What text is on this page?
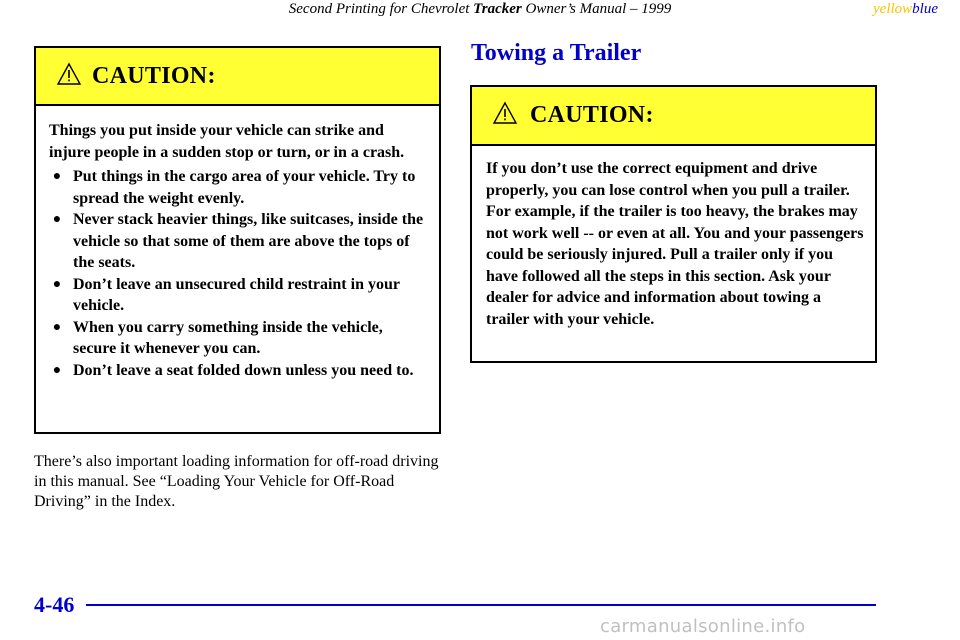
Second Printing for Chevrolet Tracker Owner’s Manual – 1999	yellowblue
CAUTION:

Things you put inside your vehicle can strike and injure people in a sudden stop or turn, or in a crash.

● Put things in the cargo area of your vehicle. Try to spread the weight evenly.
● Never stack heavier things, like suitcases, inside the vehicle so that some of them are above the tops of the seats.
● Don’t leave an unsecured child restraint in your vehicle.
● When you carry something inside the vehicle, secure it whenever you can.
● Don’t leave a seat folded down unless you need to.

There’s also important loading information for off-road driving in this manual. See “Loading Your Vehicle for Off-Road Driving” in the Index.

Towing a Trailer
CAUTION:

If you don’t use the correct equipment and drive properly, you can lose control when you pull a trailer. For example, if the trailer is too heavy, the brakes may not work well -- or even at all. You and your passengers could be seriously injured. Pull a trailer only if you have followed all the steps in this section. Ask your dealer for advice and information about towing a trailer with your vehicle.

4-46
carmanualsonline.info
